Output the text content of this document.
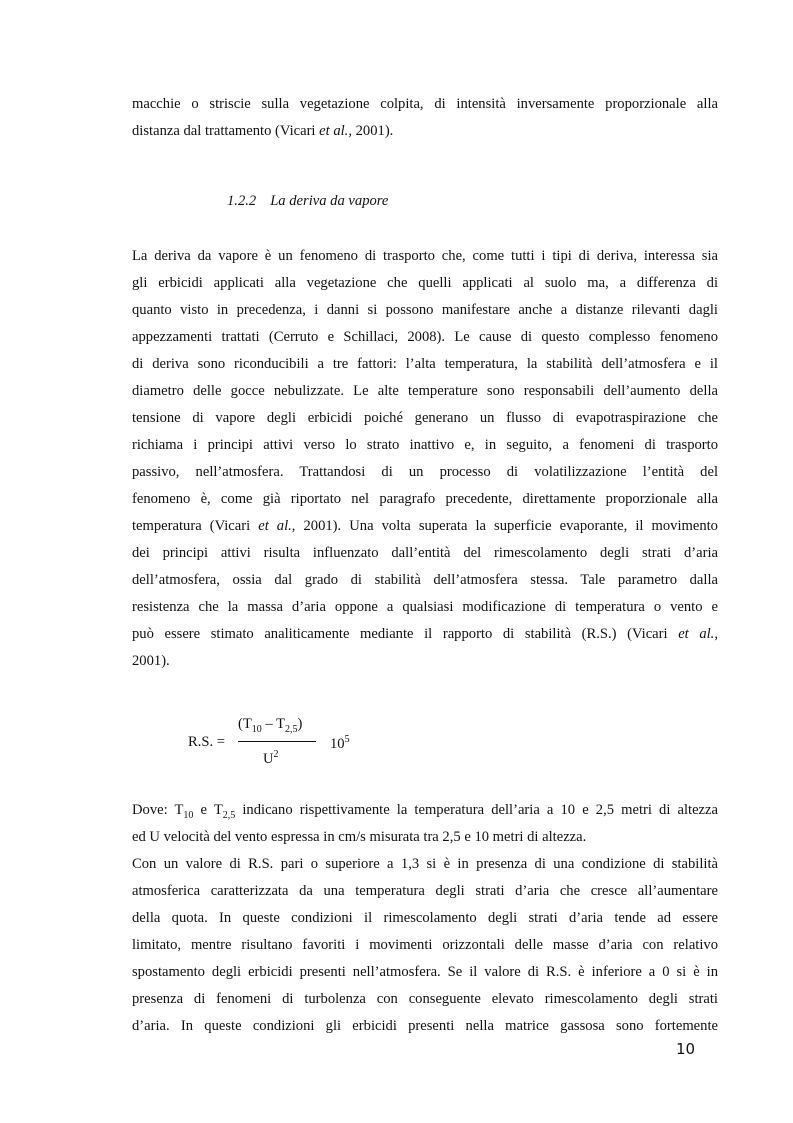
macchie o striscie sulla vegetazione colpita, di intensità inversamente proporzionale alla
distanza dal trattamento (Vicari et al., 2001).
1.2.2 La deriva da vapore
La deriva da vapore è un fenomeno di trasporto che, come tutti i tipi di deriva, interessa sia
gli erbicidi applicati alla vegetazione che quelli applicati al suolo ma, a differenza di
quanto visto in precedenza, i danni si possono manifestare anche a distanze rilevanti dagli
appezzamenti trattati (Cerruto e Schillaci, 2008). Le cause di questo complesso fenomeno
di deriva sono riconducibili a tre fattori: l’alta temperatura, la stabilità dell’atmosfera e il
diametro delle gocce nebulizzate. Le alte temperature sono responsabili dell’aumento della
tensione di vapore degli erbicidi poiché generano un flusso di evapotraspirazione che
richiama i principi attivi verso lo strato inattivo e, in seguito, a fenomeni di trasporto
passivo, nell’atmosfera. Trattandosi di un processo di volatilizzazione l’entità del
fenomeno è, come già riportato nel paragrafo precedente, direttamente proporzionale alla
temperatura (Vicari et al., 2001). Una volta superata la superficie evaporante, il movimento
dei principi attivi risulta influenzato dall’entità del rimescolamento degli strati d’aria
dell’atmosfera, ossia dal grado di stabilità dell’atmosfera stessa. Tale parametro dalla
resistenza che la massa d’aria oppone a qualsiasi modificazione di temperatura o vento e
può essere stimato analiticamente mediante il rapporto di stabilità (R.S.) (Vicari et al.,
2001).
R.S. =
$(T_{10} - T_{2,5})$
$U^2$
$10^5$
Dove: $T_{10}$ e $T_{2,5}$ indicano rispettivamente la temperatura dell’aria a 10 e 2,5 metri di altezza
ed U velocità del vento espressa in cm/s misurata tra 2,5 e 10 metri di altezza.
Con un valore di R.S. pari o superiore a 1,3 si è in presenza di una condizione di stabilità
atmosferica caratterizzata da una temperatura degli strati d’aria che cresce all’aumentare
della quota. In queste condizioni il rimescolamento degli strati d’aria tende ad essere
limitato, mentre risultano favoriti i movimenti orizzontali delle masse d’aria con relativo
spostamento degli erbicidi presenti nell’atmosfera. Se il valore di R.S. è inferiore a 0 si è in
presenza di fenomeni di turbolenza con conseguente elevato rimescolamento degli strati
d’aria. In queste condizioni gli erbicidi presenti nella matrice gassosa sono fortemente
10
